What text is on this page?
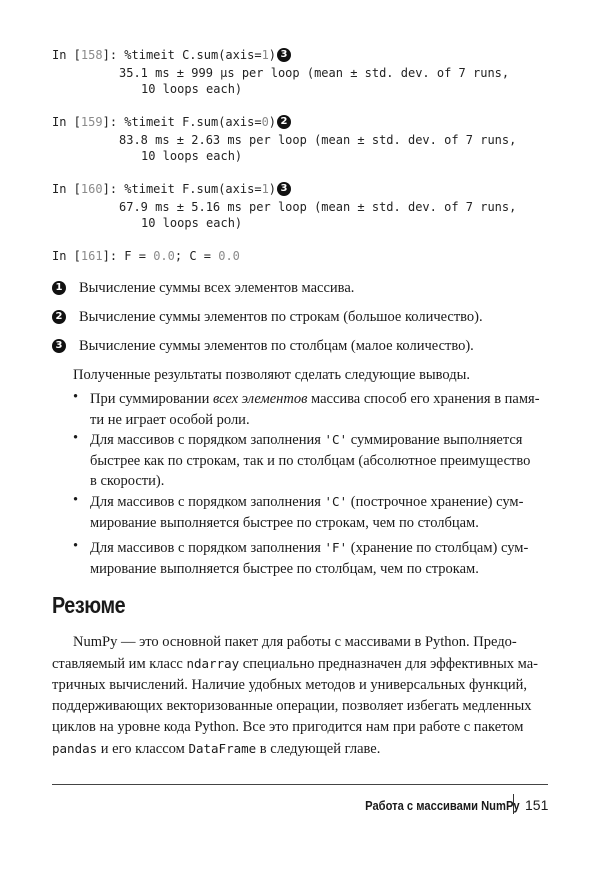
In [158]: %timeit C.sum(axis=1) 3
35.1 ms ± 999 µs per loop (mean ± std. dev. of 7 runs,
10 loops each)
In [159]: %timeit F.sum(axis=0) 2
83.8 ms ± 2.63 ms per loop (mean ± std. dev. of 7 runs,
10 loops each)
In [160]: %timeit F.sum(axis=1) 3
67.9 ms ± 5.16 ms per loop (mean ± std. dev. of 7 runs,
10 loops each)
In [161]: F = 0.0; C = 0.0
1 Вычисление суммы всех элементов массива.
2 Вычисление суммы элементов по строкам (большое количество).
3 Вычисление суммы элементов по столбцам (малое количество).
Полученные результаты позволяют сделать следующие выводы.
• При суммировании всех элементов массива способ его хранения в памя-
ти не играет особой роли.
• Для массивов с порядком заполнения 'C' суммирование выполняется
быстрее как по строкам, так и по столбцам (абсолютное преимущество
в скорости).
• Для массивов с порядком заполнения 'C' (построчное хранение) сум-
мирование выполняется быстрее по строкам, чем по столбцам.
• Для массивов с порядком заполнения 'F' (хранение по столбцам) сум-
мирование выполняется быстрее по столбцам, чем по строкам.
Резюме
NumPy — это основной пакет для работы с массивами в Python. Предо-
ставляемый им класс ndarray специально предназначен для эффективных ма-
тричных вычислений. Наличие удобных методов и универсальных функций,
поддерживающих векторизованные операции, позволяет избегать медленных
циклов на уровне кода Python. Все это пригодится нам при работе с пакетом
pandas и его классом DataFrame в следующей главе.
Работа с массивами NumPy 151
